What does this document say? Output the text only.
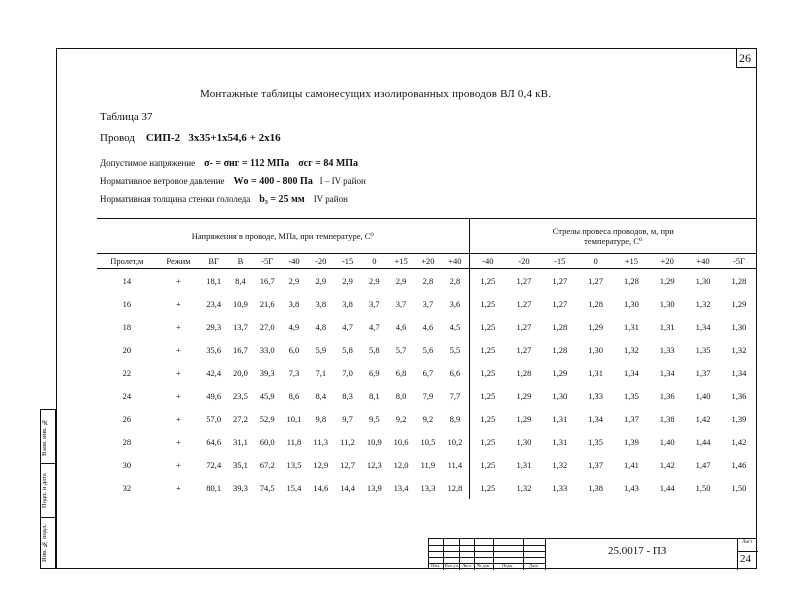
26
Монтажные таблицы самонесущих изолированных проводов ВЛ 0,4 кВ.
Таблица 37
Провод СИП-2 3х35+1х54,6 + 2х16
Допустимое напряжение σ- = σнг = 112 МПа σсг = 84 МПа
Нормативное ветровое давление Wо = 400 - 800 Па I – IV район
Нормативная толщина стенки гололеда b₃ = 25 мм IV район
Напряжения в проводе, МПа, при температуре, С⁰												Стрелы провеса проводов, м, при температуре, С⁰							

Пролет,м	Режим	ВГ	В	-5Г	-40	-20	-15	0	+15	+20	+40	-40	-20	-15	0	+15	+20	+40	-5Г
14	+	18,1	8,4	16,7	2,9	2,9	2,9	2,9	2,9	2,8	2,8	1,25	1,27	1,27	1,27	1,28	1,29	1,30	1,28
16	+	23,4	10,9	21,6	3,8	3,8	3,8	3,7	3,7	3,7	3,6	1,25	1,27	1,27	1,28	1,30	1,30	1,32	1,29
18	+	29,3	13,7	27,0	4,9	4,8	4,7	4,7	4,6	4,6	4,5	1,25	1,27	1,28	1,29	1,31	1,31	1,34	1,30
20	+	35,6	16,7	33,0	6,0	5,9	5,8	5,8	5,7	5,6	5,5	1,25	1,27	1,28	1,30	1,32	1,33	1,35	1,32
22	+	42,4	20,0	39,3	7,3	7,1	7,0	6,9	6,8	6,7	6,6	1,25	1,28	1,29	1,31	1,34	1,34	1,37	1,34
24	+	49,6	23,5	45,9	8,6	8,4	8,3	8,1	8,0	7,9	7,7	1,25	1,29	1,30	1,33	1,35	1,36	1,40	1,36
26	+	57,0	27,2	52,9	10,1	9,8	9,7	9,5	9,2	9,2	8,9	1,25	1,29	1,31	1,34	1,37	1,38	1,42	1,39
28	+	64,6	31,1	60,0	11,8	11,3	11,2	10,9	10,6	10,5	10,2	1,25	1,30	1,31	1,35	1,39	1,40	1,44	1,42
30	+	72,4	35,1	67,2	13,5	12,9	12,7	12,3	12,0	11,9	11,4	1,25	1,31	1,32	1,37	1,41	1,42	1,47	1,46
32	+	80,1	39,3	74,5	15,4	14,6	14,4	13,9	13,4	13,3	12,8	1,25	1,32	1,33	1,38	1,43	1,44	1,50	1,50
Взам. инв. №
Подп. и дата
Инв. № подл.
Изм. Кол.уч. Лист № док.	Подп.	Дата
25.0017 - ПЗ
Лист
24
